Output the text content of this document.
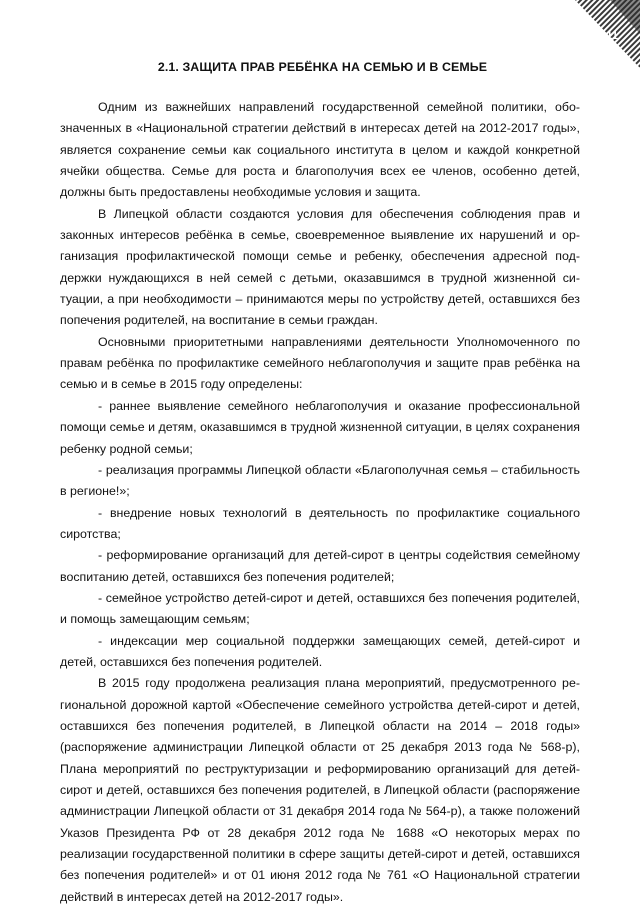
11
2.1. ЗАЩИТА ПРАВ РЕБЁНКА НА СЕМЬЮ И В СЕМЬЕ

Одним из важнейших направлений государственной семейной политики, обозначенных в «Национальной стратегии действий в интересах детей на 2012-2017 годы», является сохранение семьи как социального института в целом и каждой конкретной ячейки общества. Семье для роста и благополучия всех ее членов, особенно детей, должны быть предоставлены необходимые условия и защита.

В Липецкой области создаются условия для обеспечения соблюдения прав и законных интересов ребёнка в семье, своевременное выявление их нарушений и организация профилактической помощи семье и ребенку, обеспечения адресной поддержки нуждающихся в ней семей с детьми, оказавшимся в трудной жизненной ситуации, а при необходимости – принимаются меры по устройству детей, оставшихся без попечения родителей, на воспитание в семьи граждан.

Основными приоритетными направлениями деятельности Уполномоченного по правам ребёнка по профилактике семейного неблагополучия и защите прав ребёнка на семью и в семье в 2015 году определены:

- раннее выявление семейного неблагополучия и оказание профессиональной помощи семье и детям, оказавшимся в трудной жизненной ситуации, в целях сохранения ребенку родной семьи;

- реализация программы Липецкой области «Благополучная семья – стабильность в регионе!»;

- внедрение новых технологий в деятельность по профилактике социального сиротства;

- реформирование организаций для детей-сирот в центры содействия семейному воспитанию детей, оставшихся без попечения родителей;

- семейное устройство детей-сирот и детей, оставшихся без попечения родителей, и помощь замещающим семьям;

- индексации мер социальной поддержки замещающих семей, детей-сирот и детей, оставшихся без попечения родителей.

В 2015 году продолжена реализация плана мероприятий, предусмотренного региональной дорожной картой «Обеспечение семейного устройства детей-сирот и детей, оставшихся без попечения родителей, в Липецкой области на 2014 – 2018 годы» (распоряжение администрации Липецкой области от 25 декабря 2013 года № 568-р), Плана мероприятий по реструктуризации и реформированию организаций для детей-сирот и детей, оставшихся без попечения родителей, в Липецкой области (распоряжение администрации Липецкой области от 31 декабря 2014 года № 564-р), а также положений Указов Президента РФ от 28 декабря 2012 года № 1688 «О некоторых мерах по реализации государственной политики в сфере защиты детей-сирот и детей, оставшихся без попечения родителей» и от 01 июня 2012 года № 761 «О Национальной стратегии действий в интересах детей на 2012-2017 годы».
